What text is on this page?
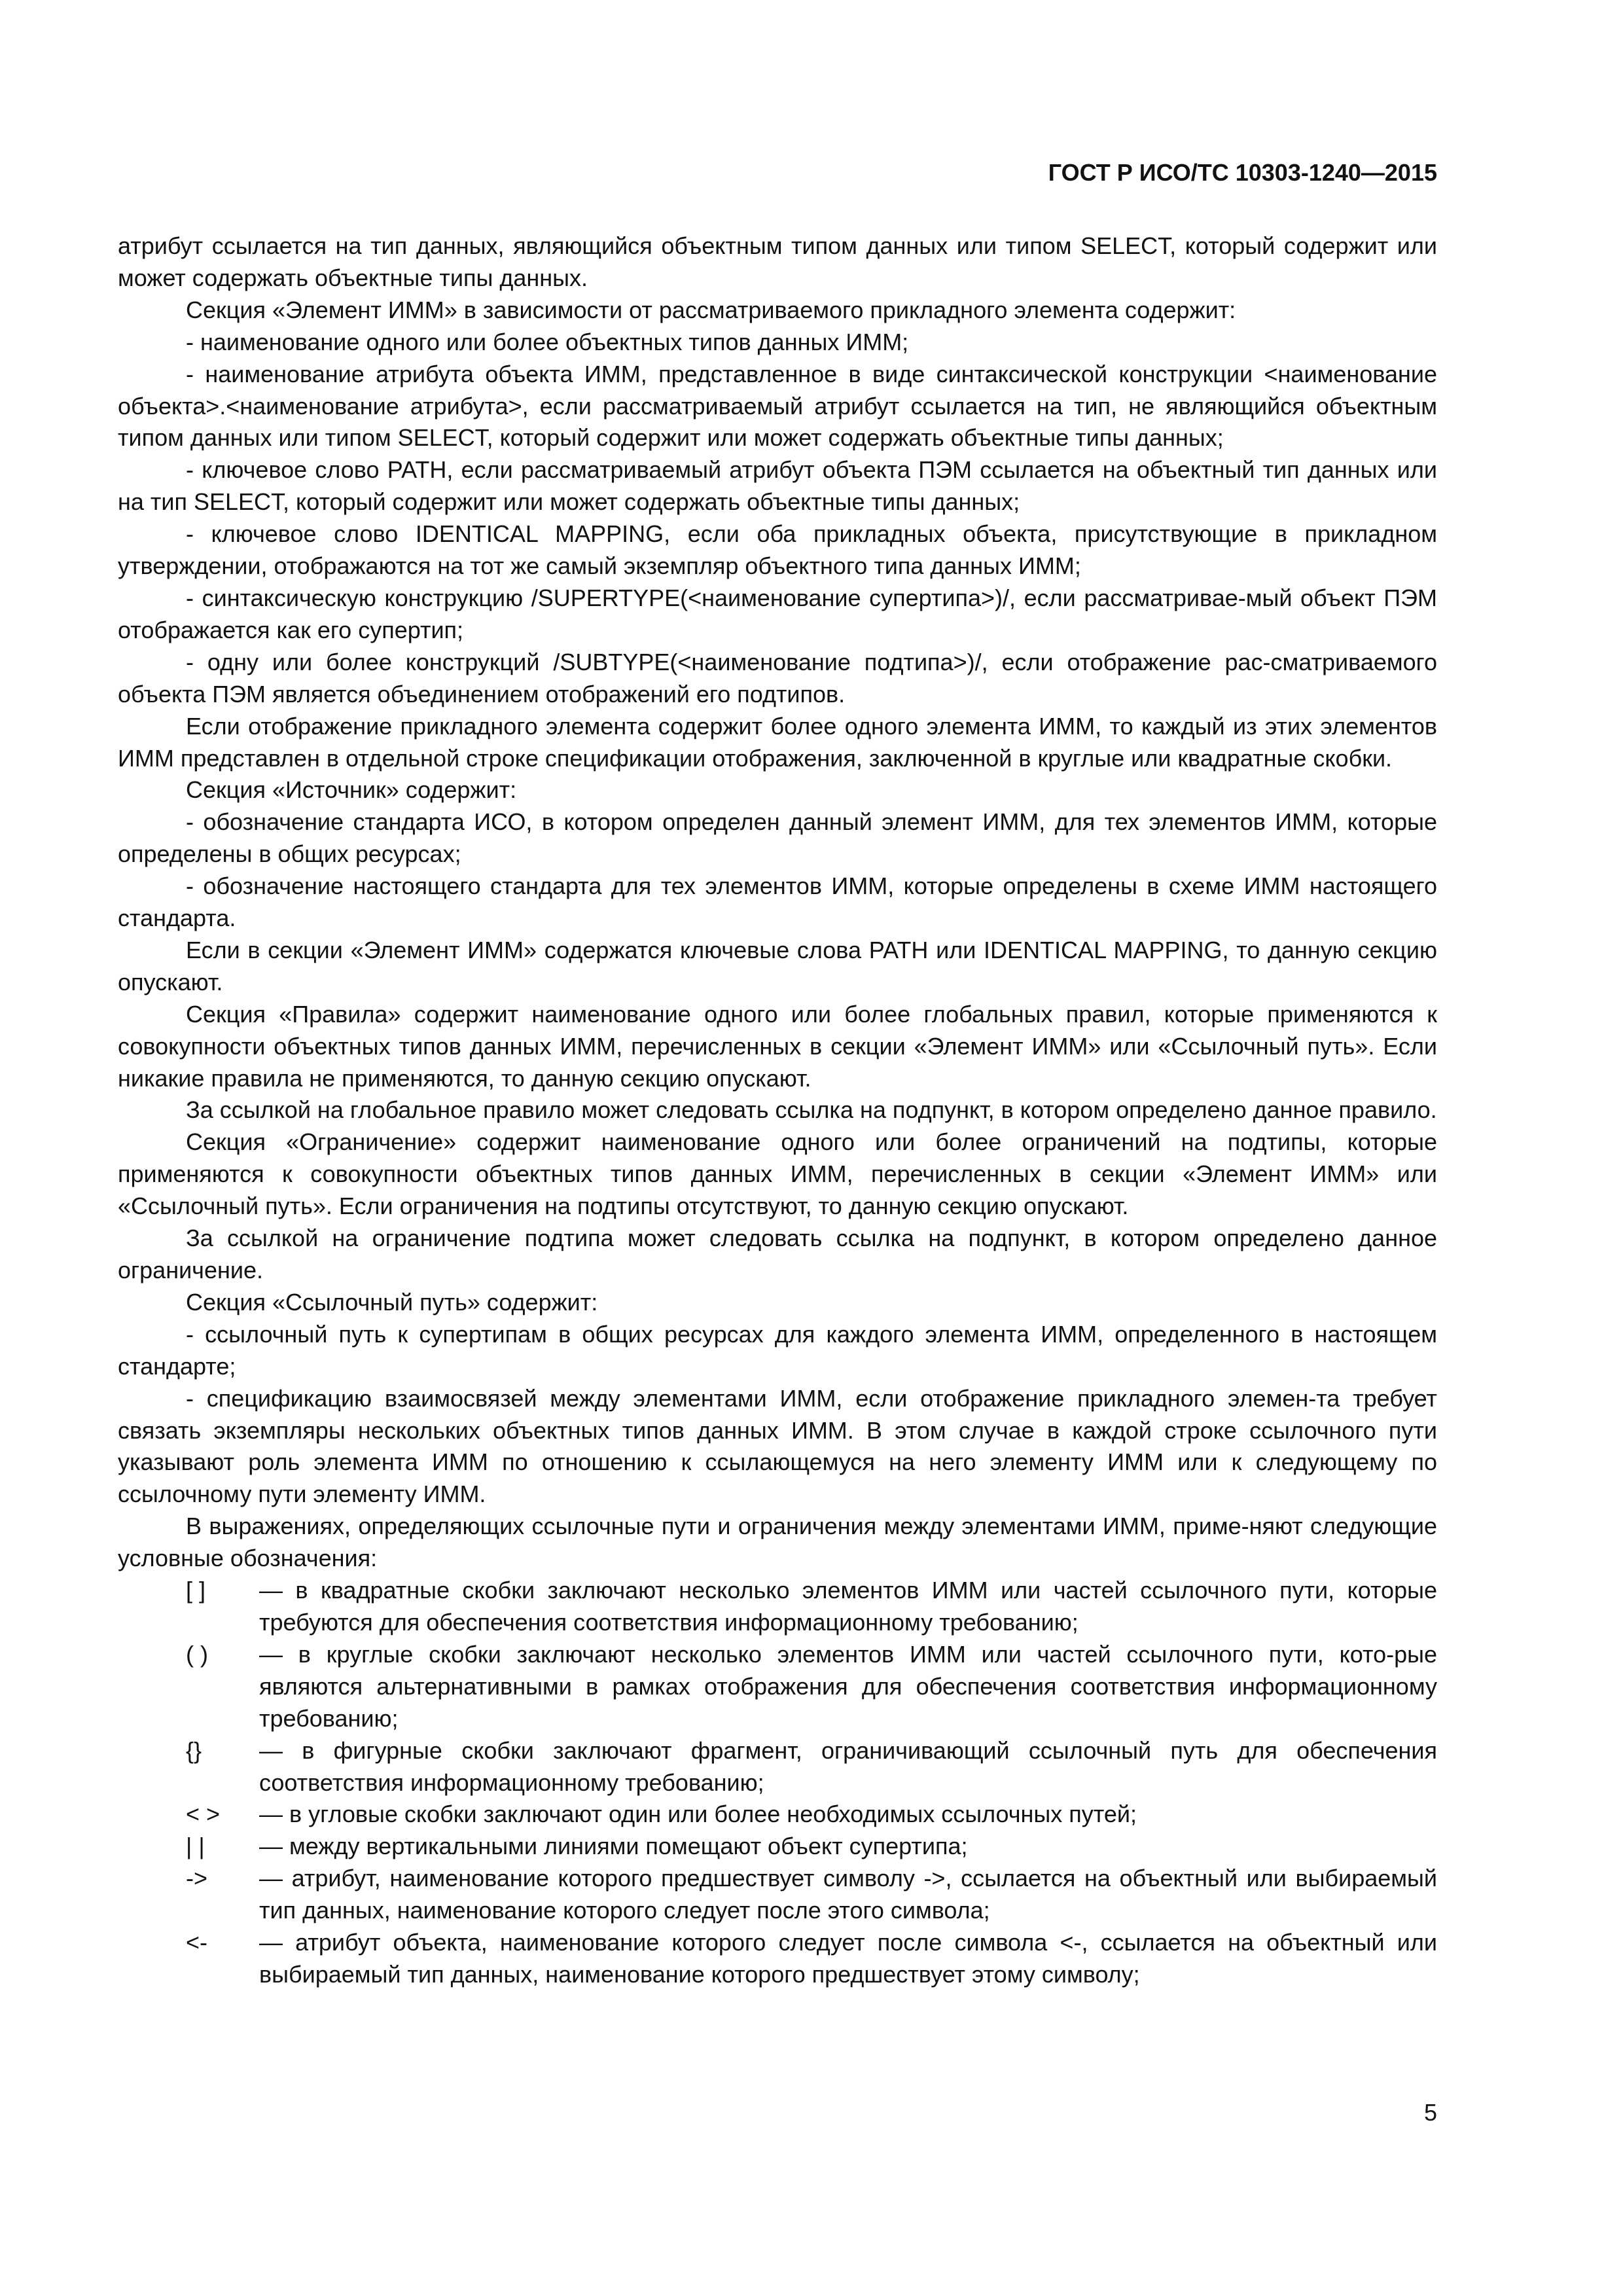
ГОСТ Р ИСО/ТС 10303-1240—2015

атрибут ссылается на тип данных, являющийся объектным типом данных или типом SELECT, который содержит или может содержать объектные типы данных.

Секция «Элемент ИММ» в зависимости от рассматриваемого прикладного элемента содержит:

- наименование одного или более объектных типов данных ИММ;

- наименование атрибута объекта ИММ, представленное в виде синтаксической конструкции <наименование объекта>.<наименование атрибута>, если рассматриваемый атрибут ссылается на тип, не являющийся объектным типом данных или типом SELECT, который содержит или может содержать объектные типы данных;

- ключевое слово PATH, если рассматриваемый атрибут объекта ПЭМ ссылается на объектный тип данных или на тип SELECT, который содержит или может содержать объектные типы данных;

- ключевое слово IDENTICAL MAPPING, если оба прикладных объекта, присутствующие в прикладном утверждении, отображаются на тот же самый экземпляр объектного типа данных ИММ;

- синтаксическую конструкцию /SUPERTYPE(<наименование супертипа>)/, если рассматривае-мый объект ПЭМ отображается как его супертип;

- одну или более конструкций /SUBTYPE(<наименование подтипа>)/, если отображение рас-сматриваемого объекта ПЭМ является объединением отображений его подтипов.

Если отображение прикладного элемента содержит более одного элемента ИММ, то каждый из этих элементов ИММ представлен в отдельной строке спецификации отображения, заключенной в круглые или квадратные скобки.

Секция «Источник» содержит:

- обозначение стандарта ИСО, в котором определен данный элемент ИММ, для тех элементов ИММ, которые определены в общих ресурсах;

- обозначение настоящего стандарта для тех элементов ИММ, которые определены в схеме ИММ настоящего стандарта.

Если в секции «Элемент ИММ» содержатся ключевые слова PATH или IDENTICAL MAPPING, то данную секцию опускают.

Секция «Правила» содержит наименование одного или более глобальных правил, которые применяются к совокупности объектных типов данных ИММ, перечисленных в секции «Элемент ИММ» или «Ссылочный путь». Если никакие правила не применяются, то данную секцию опускают.

За ссылкой на глобальное правило может следовать ссылка на подпункт, в котором определено данное правило.

Секция «Ограничение» содержит наименование одного или более ограничений на подтипы, которые применяются к совокупности объектных типов данных ИММ, перечисленных в секции «Элемент ИММ» или «Ссылочный путь». Если ограничения на подтипы отсутствуют, то данную секцию опускают.

За ссылкой на ограничение подтипа может следовать ссылка на подпункт, в котором определено данное ограничение.

Секция «Ссылочный путь» содержит:

- ссылочный путь к супертипам в общих ресурсах для каждого элемента ИММ, определенного в настоящем стандарте;

- спецификацию взаимосвязей между элементами ИММ, если отображение прикладного элемен-та требует связать экземпляры нескольких объектных типов данных ИММ. В этом случае в каждой строке ссылочного пути указывают роль элемента ИММ по отношению к ссылающемуся на него элементу ИММ или к следующему по ссылочному пути элементу ИММ.

В выражениях, определяющих ссылочные пути и ограничения между элементами ИММ, приме-няют следующие условные обозначения:

[ ]	— в квадратные скобки заключают несколько элементов ИММ или частей ссылочного пути, которые требуются для обеспечения соответствия информационному требованию;
( )	— в круглые скобки заключают несколько элементов ИММ или частей ссылочного пути, кото-рые являются альтернативными в рамках отображения для обеспечения соответствия информационному требованию;
{}	— в фигурные скобки заключают фрагмент, ограничивающий ссылочный путь для обеспечения соответствия информационному требованию;
< >	— в угловые скобки заключают один или более необходимых ссылочных путей;
| |	— между вертикальными линиями помещают объект супертипа;
->	— атрибут, наименование которого предшествует символу ->, ссылается на объектный или выбираемый тип данных, наименование которого следует после этого символа;
<-	— атрибут объекта, наименование которого следует после символа <-, ссылается на объектный или выбираемый тип данных, наименование которого предшествует этому символу;
5
